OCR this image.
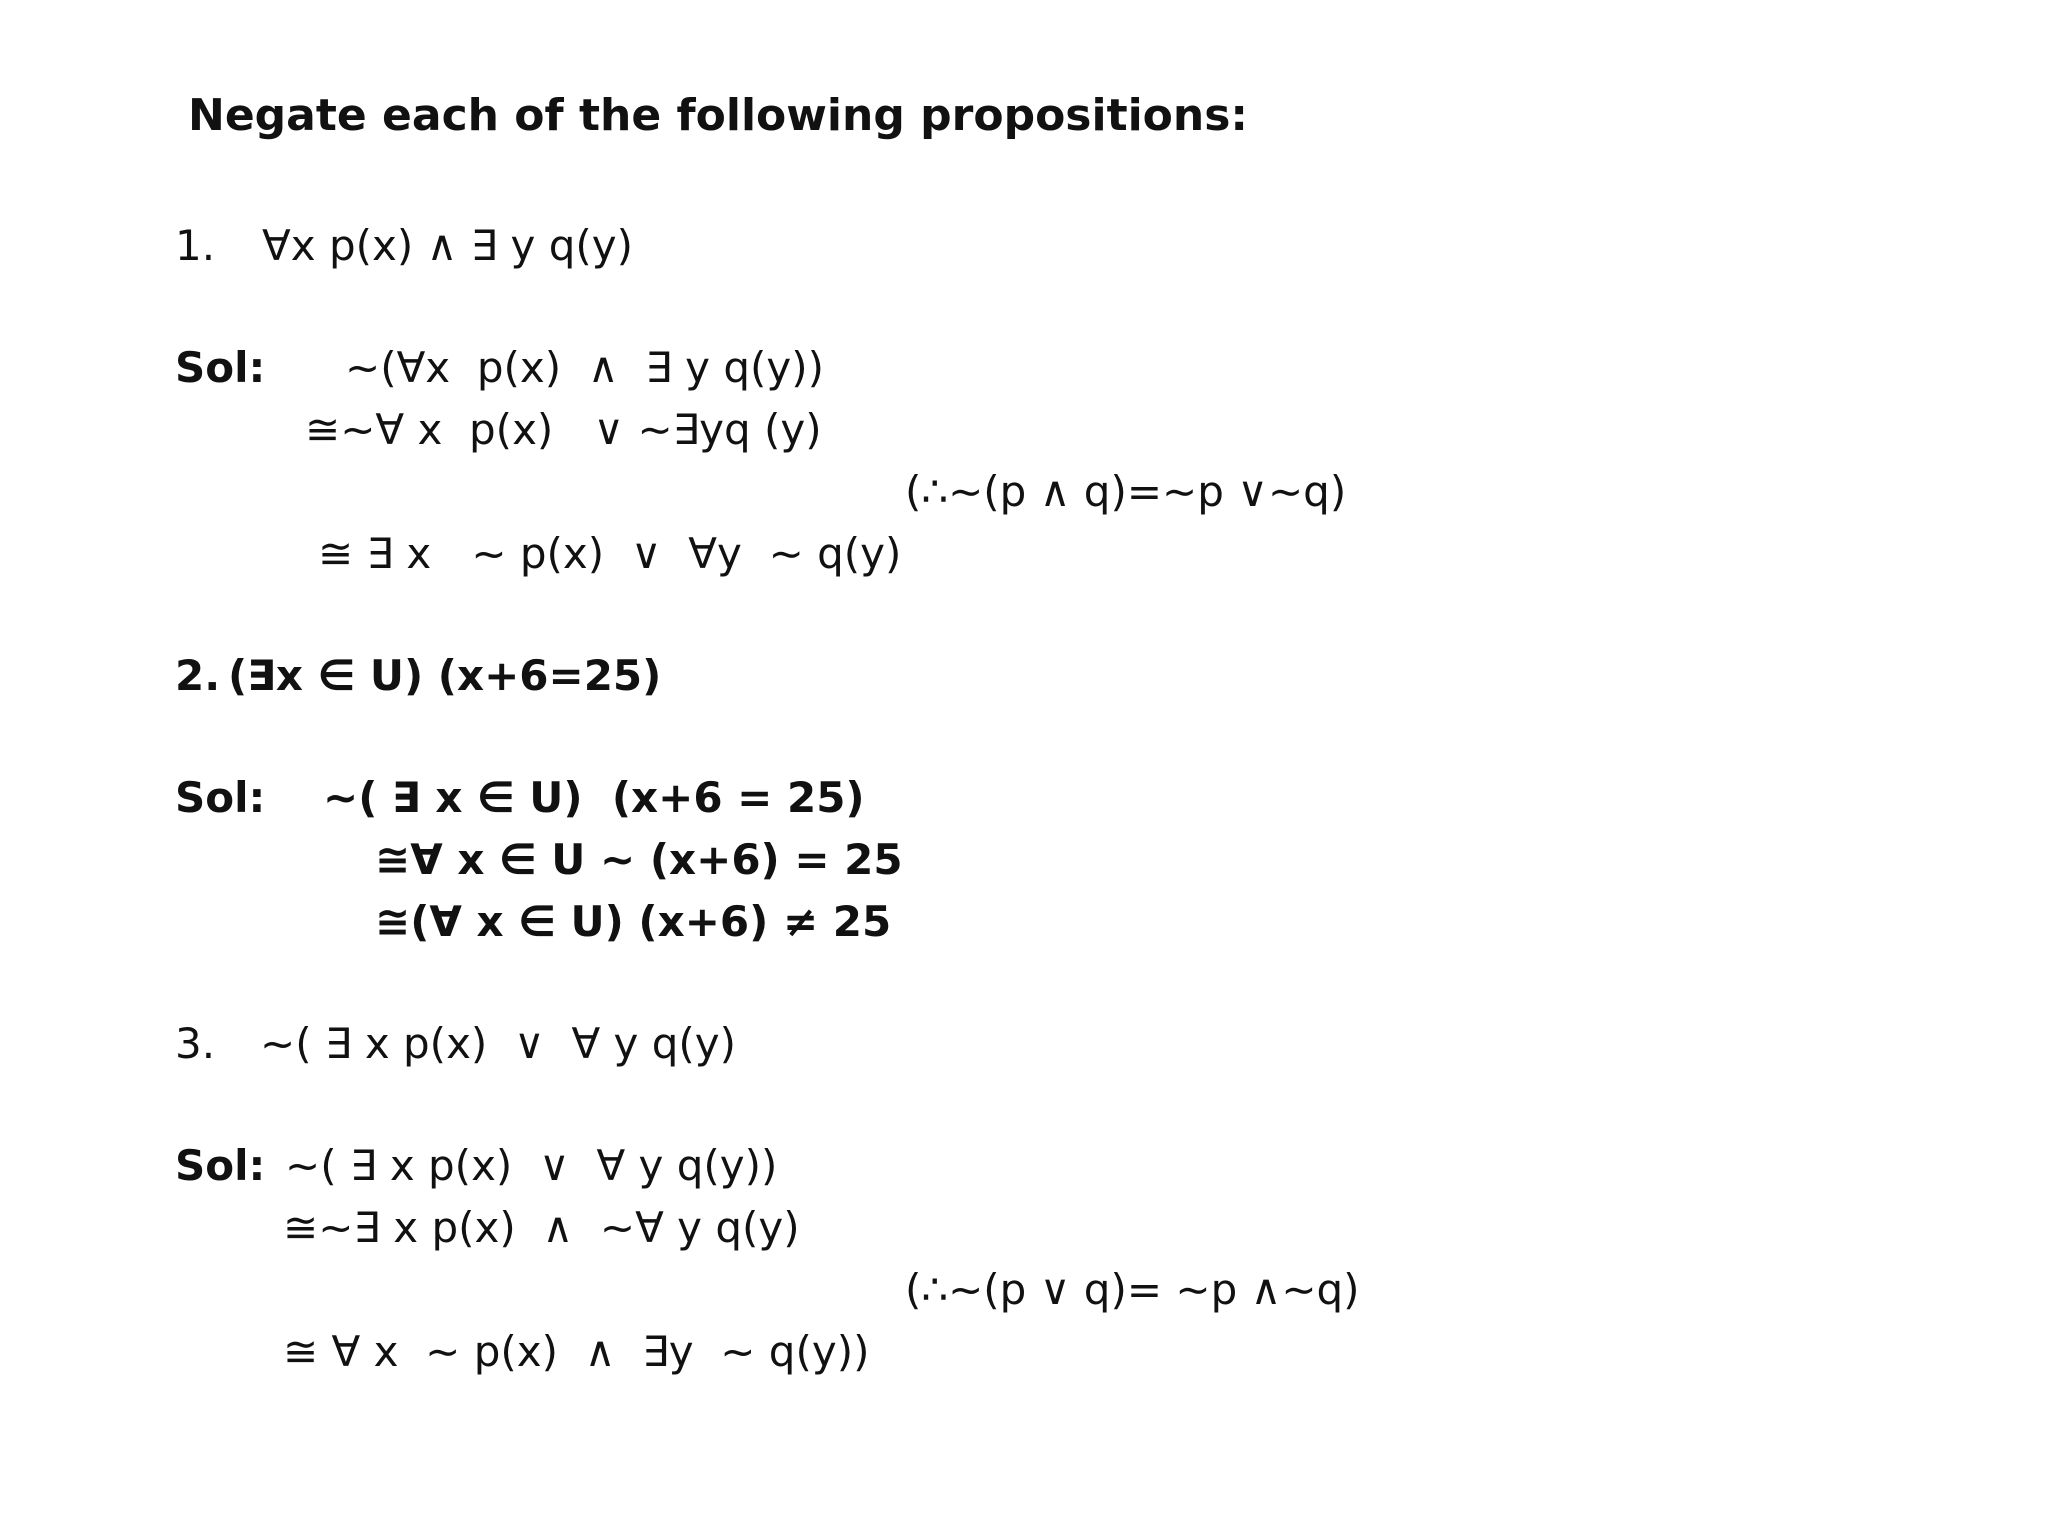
Negate each of the following propositions:
1. ∀x p(x) ∧ ∃ y q(y)
Sol: ~(∀x  p(x)  ∧  ∃ y q(y))
≅~∀ x  p(x)   ∨ ∼∃yq (y)
(∴∼(p ∧ q)=∼p ∨∼q)
≅ ∃ x   ~ p(x)  ∨  ∀y  ∼ q(y)
2. (∃x ∈ U) (x+6=25)
Sol: ~( ∃ x ∈ U)  (x+6 = 25)
≅∀ x ∈ U ~ (x+6) = 25
≅(∀ x ∈ U) (x+6) ≠ 25
3. ~( ∃ x p(x)  ∨  ∀ y q(y)
Sol: ~( ∃ x p(x)  ∨  ∀ y q(y))
≅~∃ x p(x)  ∧  ~∀ y q(y)
(∴~(p ∨ q)= ∼p ∧∼q)
≅ ∀ x  ∼ p(x)  ∧  ∃y  ~ q(y))
